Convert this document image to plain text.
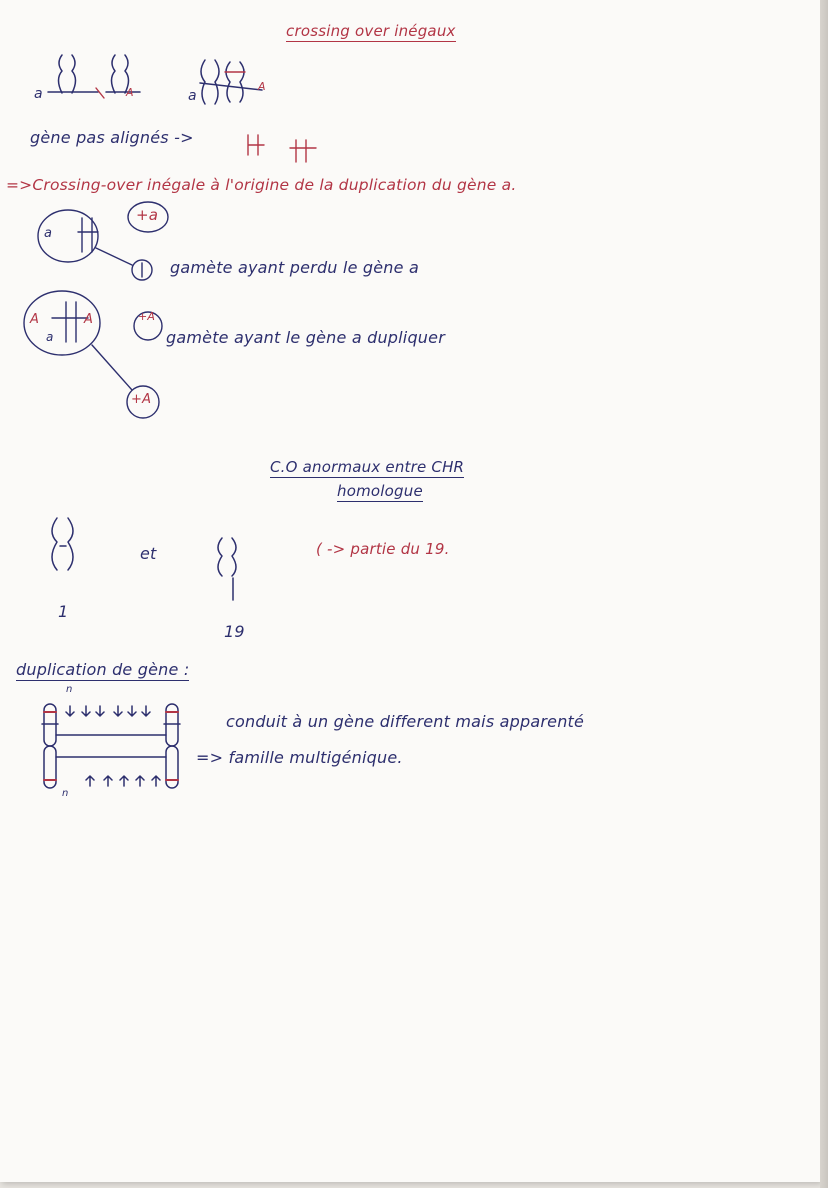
crossing over inégaux
a	A	a
A
gène pas alignés ->
=>Crossing-over inégale à l'origine de la duplication du gène a.
+a
a
gamète ayant perdu le gène a
A
a
A	+A
gamète ayant le gène a dupliquer
+A
C.O anormaux entre CHR
homologue
et
1
19
( -> partie du 19.
duplication de gène :
n
n
conduit à un gène different mais apparenté
=> famille multigénique.
